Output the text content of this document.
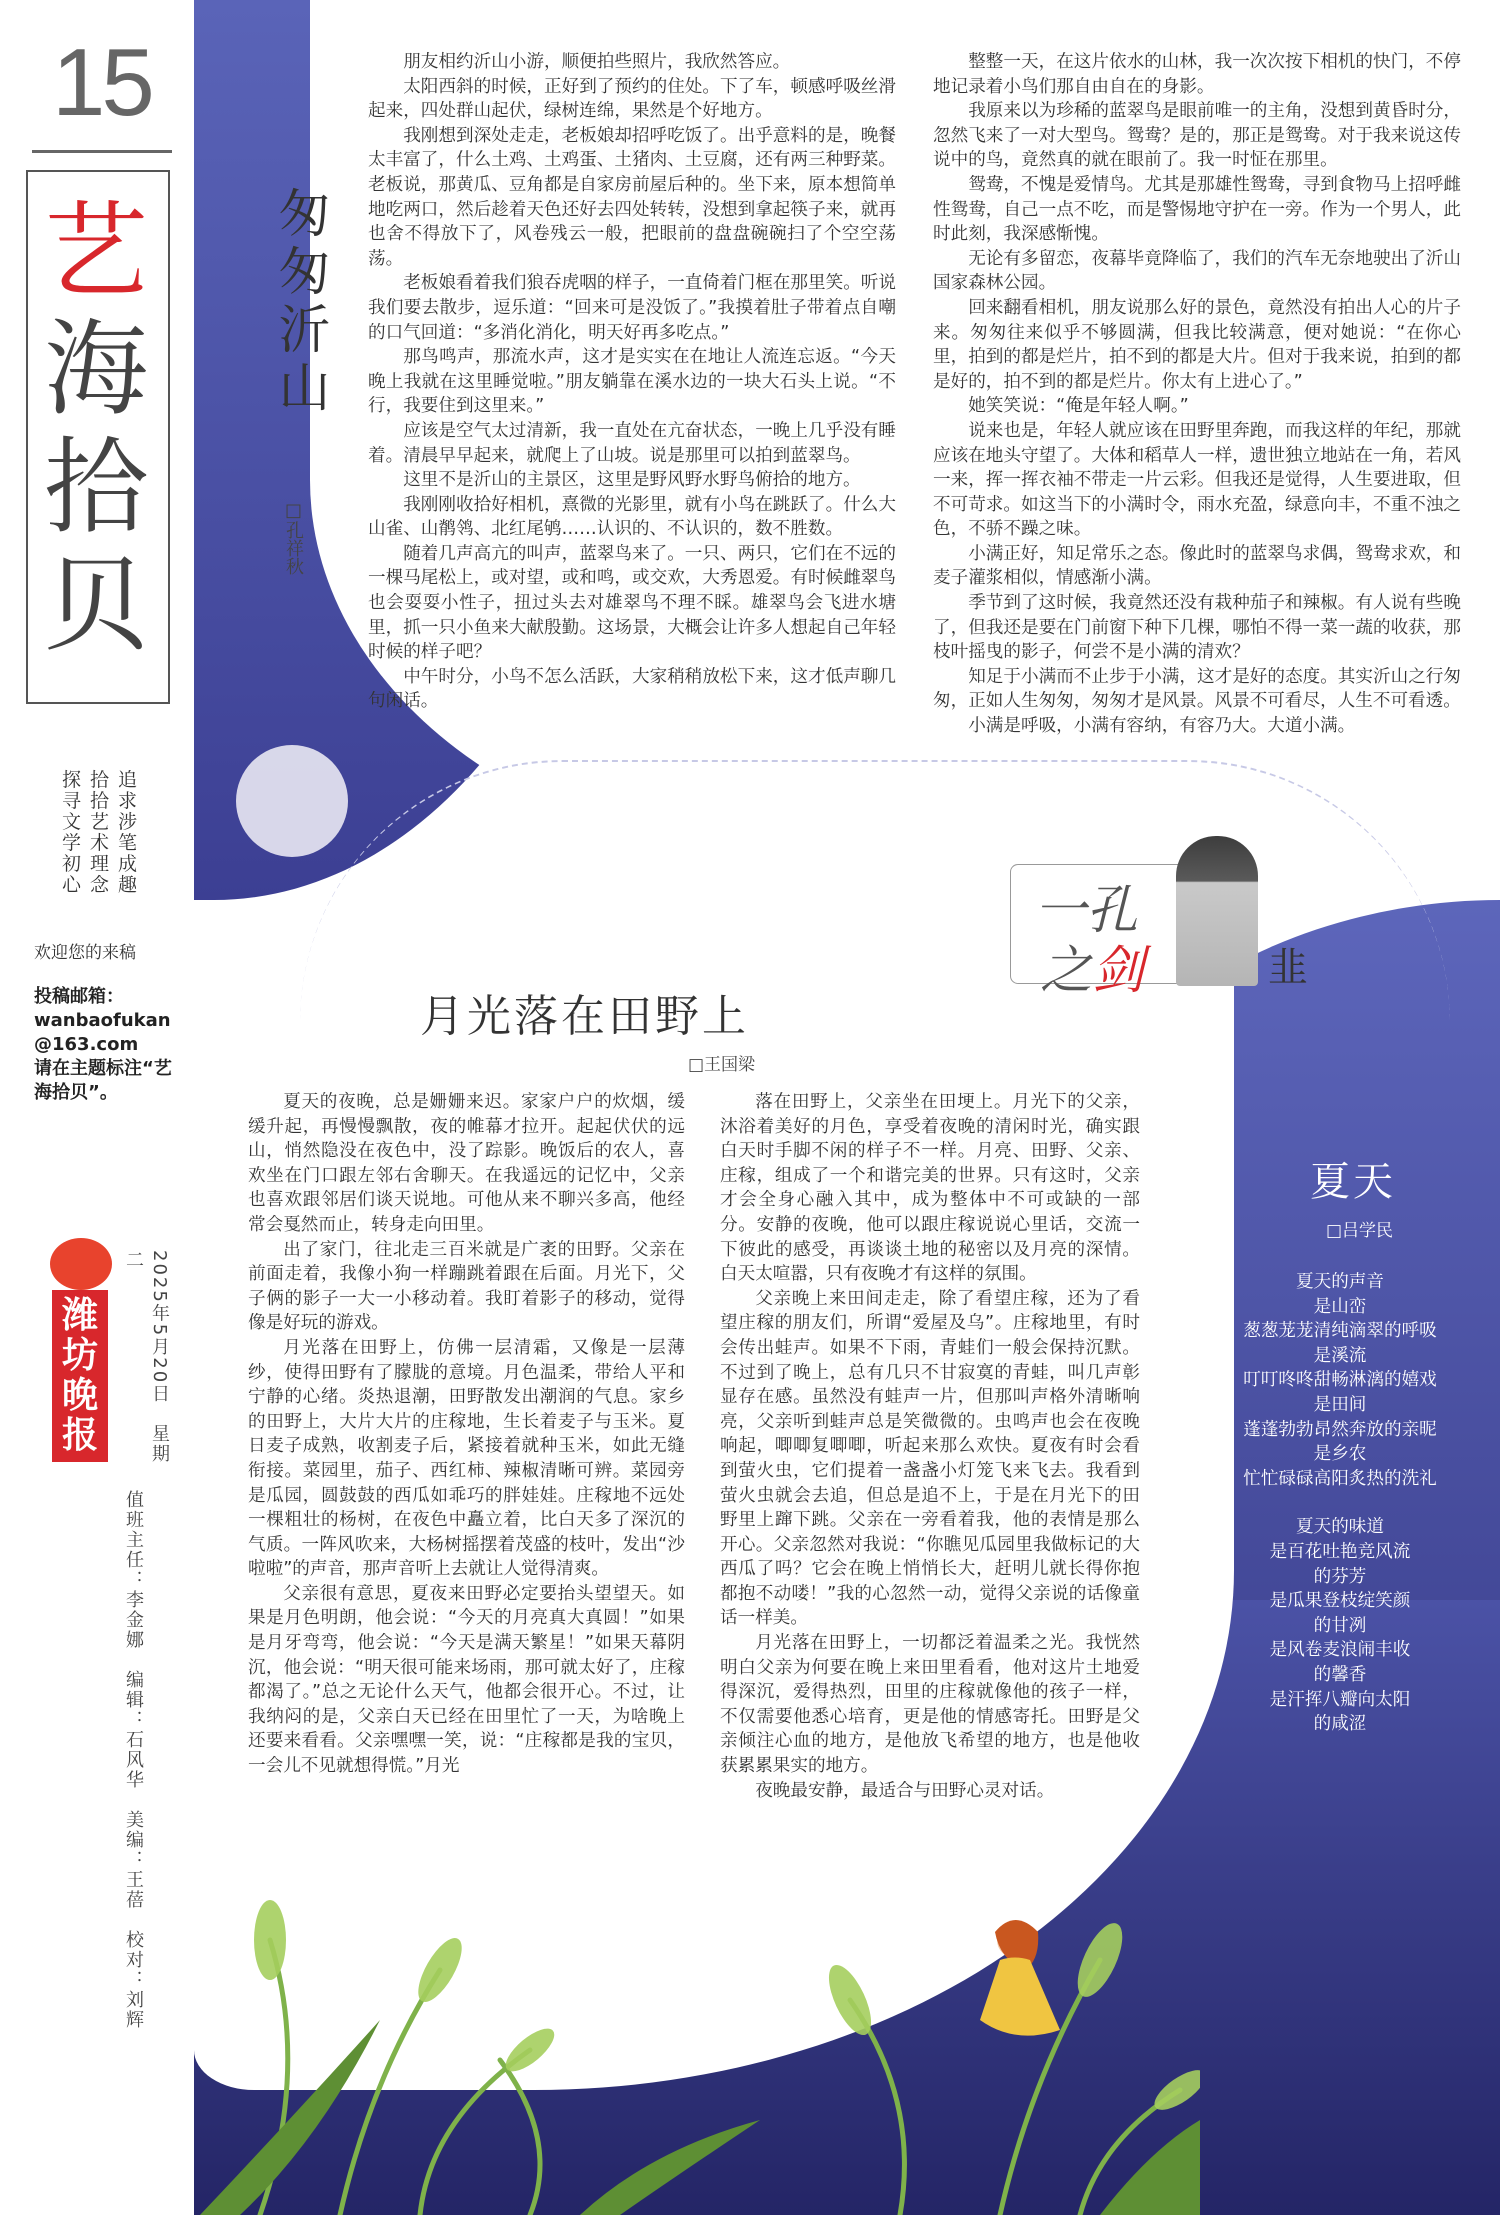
15
艺
海
拾
贝
追求涉笔成趣
拾拾艺术理念
探寻文学初心
欢迎您的来稿
投稿邮箱：
wanbaofukan@163.com
请在主题标注“艺海拾贝”。
潍坊晚报	2025年5月20日　星期二
值班主任：李金娜　编辑：石风华　美编：王蓓　校对：刘辉
匆匆沂山
□孔祥秋

朋友相约沂山小游，顺便拍些照片，我欣然答应。

太阳西斜的时候，正好到了预约的住处。下了车，顿感呼吸丝滑起来，四处群山起伏，绿树连绵，果然是个好地方。

我刚想到深处走走，老板娘却招呼吃饭了。出乎意料的是，晚餐太丰富了，什么土鸡、土鸡蛋、土猪肉、土豆腐，还有两三种野菜。老板说，那黄瓜、豆角都是自家房前屋后种的。坐下来，原本想简单地吃两口，然后趁着天色还好去四处转转，没想到拿起筷子来，就再也舍不得放下了，风卷残云一般，把眼前的盘盘碗碗扫了个空空荡荡。

老板娘看着我们狼吞虎咽的样子，一直倚着门框在那里笑。听说我们要去散步，逗乐道：“回来可是没饭了。”我摸着肚子带着点自嘲的口气回道：“多消化消化，明天好再多吃点。”

那鸟鸣声，那流水声，这才是实实在在地让人流连忘返。“今天晚上我就在这里睡觉啦。”朋友躺靠在溪水边的一块大石头上说。“不行，我要住到这里来。”

应该是空气太过清新，我一直处在亢奋状态，一晚上几乎没有睡着。清晨早早起来，就爬上了山坡。说是那里可以拍到蓝翠鸟。

这里不是沂山的主景区，这里是野风野水野鸟俯拾的地方。

我刚刚收拾好相机，熹微的光影里，就有小鸟在跳跃了。什么大山雀、山鹡鸰、北红尾鸲……认识的、不认识的，数不胜数。

随着几声高亢的叫声，蓝翠鸟来了。一只、两只，它们在不远的一棵马尾松上，或对望，或和鸣，或交欢，大秀恩爱。有时候雌翠鸟也会耍耍小性子，扭过头去对雄翠鸟不理不睬。雄翠鸟会飞进水塘里，抓一只小鱼来大献殷勤。这场景，大概会让许多人想起自己年轻时候的样子吧？

中午时分，小鸟不怎么活跃，大家稍稍放松下来，这才低声聊几句闲话。

整整一天，在这片依水的山林，我一次次按下相机的快门，不停地记录着小鸟们那自由自在的身影。

我原来以为珍稀的蓝翠鸟是眼前唯一的主角，没想到黄昏时分，忽然飞来了一对大型鸟。鸳鸯？是的，那正是鸳鸯。对于我来说这传说中的鸟，竟然真的就在眼前了。我一时怔在那里。

鸳鸯，不愧是爱情鸟。尤其是那雄性鸳鸯，寻到食物马上招呼雌性鸳鸯，自己一点不吃，而是警惕地守护在一旁。作为一个男人，此时此刻，我深感惭愧。

无论有多留恋，夜幕毕竟降临了，我们的汽车无奈地驶出了沂山国家森林公园。

回来翻看相机，朋友说那么好的景色，竟然没有拍出人心的片子来。匆匆往来似乎不够圆满，但我比较满意，便对她说：“在你心里，拍到的都是烂片，拍不到的都是大片。但对于我来说，拍到的都是好的，拍不到的都是烂片。你太有上进心了。”

她笑笑说：“俺是年轻人啊。”

说来也是，年轻人就应该在田野里奔跑，而我这样的年纪，那就应该在地头守望了。大体和稻草人一样，遗世独立地站在一角，若风一来，挥一挥衣袖不带走一片云彩。但我还是觉得，人生要进取，但不可苛求。如这当下的小满时令，雨水充盈，绿意向丰，不重不浊之色，不骄不躁之味。

小满正好，知足常乐之态。像此时的蓝翠鸟求偶，鸳鸯求欢，和麦子灌浆相似，情感渐小满。

季节到了这时候，我竟然还没有栽种茄子和辣椒。有人说有些晚了，但我还是要在门前窗下种下几棵，哪怕不得一菜一蔬的收获，那枝叶摇曳的影子，何尝不是小满的清欢？

知足于小满而不止步于小满，这才是好的态度。其实沂山之行匆匆，正如人生匆匆，匆匆才是风景。风景不可看尽，人生不可看透。

小满是呼吸，小满有容纳，有容乃大。大道小满。

一孔
之剑	韭
月光落在田野上
□王国梁

夏天的夜晚，总是姗姗来迟。家家户户的炊烟，缓缓升起，再慢慢飘散，夜的帷幕才拉开。起起伏伏的远山，悄然隐没在夜色中，没了踪影。晚饭后的农人，喜欢坐在门口跟左邻右舍聊天。在我遥远的记忆中，父亲也喜欢跟邻居们谈天说地。可他从来不聊兴多高，他经常会戛然而止，转身走向田里。

出了家门，往北走三百米就是广袤的田野。父亲在前面走着，我像小狗一样蹦跳着跟在后面。月光下，父子俩的影子一大一小移动着。我盯着影子的移动，觉得像是好玩的游戏。

月光落在田野上，仿佛一层清霜，又像是一层薄纱，使得田野有了朦胧的意境。月色温柔，带给人平和宁静的心绪。炎热退潮，田野散发出潮润的气息。家乡的田野上，大片大片的庄稼地，生长着麦子与玉米。夏日麦子成熟，收割麦子后，紧接着就种玉米，如此无缝衔接。菜园里，茄子、西红柿、辣椒清晰可辨。菜园旁是瓜园，圆鼓鼓的西瓜如乖巧的胖娃娃。庄稼地不远处一棵粗壮的杨树，在夜色中矗立着，比白天多了深沉的气质。一阵风吹来，大杨树摇摆着茂盛的枝叶，发出“沙啦啦”的声音，那声音听上去就让人觉得清爽。

父亲很有意思，夏夜来田野必定要抬头望望天。如果是月色明朗，他会说：“今天的月亮真大真圆！”如果是月牙弯弯，他会说：“今天是满天繁星！”如果天幕阴沉，他会说：“明天很可能来场雨，那可就太好了，庄稼都渴了。”总之无论什么天气，他都会很开心。不过，让我纳闷的是，父亲白天已经在田里忙了一天，为啥晚上还要来看看。父亲嘿嘿一笑，说：“庄稼都是我的宝贝，一会儿不见就想得慌。”月光

落在田野上，父亲坐在田埂上。月光下的父亲，沐浴着美好的月色，享受着夜晚的清闲时光，确实跟白天时手脚不闲的样子不一样。月亮、田野、父亲、庄稼，组成了一个和谐完美的世界。只有这时，父亲才会全身心融入其中，成为整体中不可或缺的一部分。安静的夜晚，他可以跟庄稼说说心里话，交流一下彼此的感受，再谈谈土地的秘密以及月亮的深情。白天太喧嚣，只有夜晚才有这样的氛围。

父亲晚上来田间走走，除了看望庄稼，还为了看望庄稼的朋友们，所谓“爱屋及乌”。庄稼地里，有时会传出蛙声。如果不下雨，青蛙们一般会保持沉默。不过到了晚上，总有几只不甘寂寞的青蛙，叫几声彰显存在感。虽然没有蛙声一片，但那叫声格外清晰响亮，父亲听到蛙声总是笑微微的。虫鸣声也会在夜晚响起，唧唧复唧唧，听起来那么欢快。夏夜有时会看到萤火虫，它们提着一盏盏小灯笼飞来飞去。我看到萤火虫就会去追，但总是追不上，于是在月光下的田野里上蹿下跳。父亲在一旁看着我，他的表情是那么开心。父亲忽然对我说：“你瞧见瓜园里我做标记的大西瓜了吗？它会在晚上悄悄长大，赶明儿就长得你抱都抱不动喽！”我的心忽然一动，觉得父亲说的话像童话一样美。

月光落在田野上，一切都泛着温柔之光。我恍然明白父亲为何要在晚上来田里看看，他对这片土地爱得深沉，爱得热烈，田里的庄稼就像他的孩子一样，不仅需要他悉心培育，更是他的情感寄托。田野是父亲倾注心血的地方，是他放飞希望的地方，也是他收获累累果实的地方。

夜晚最安静，最适合与田野心灵对话。

夏天
□吕学民
夏天的声音
是山峦
葱葱茏茏清纯滴翠的呼吸
是溪流
叮叮咚咚甜畅淋漓的嬉戏
是田间
蓬蓬勃勃昂然奔放的亲昵
是乡农
忙忙碌碌高阳炙热的洗礼
夏天的味道
是百花吐艳竞风流
的芬芳
是瓜果登枝绽笑颜
的甘冽
是风卷麦浪闹丰收
的馨香
是汗挥八瓣向太阳
的咸涩
